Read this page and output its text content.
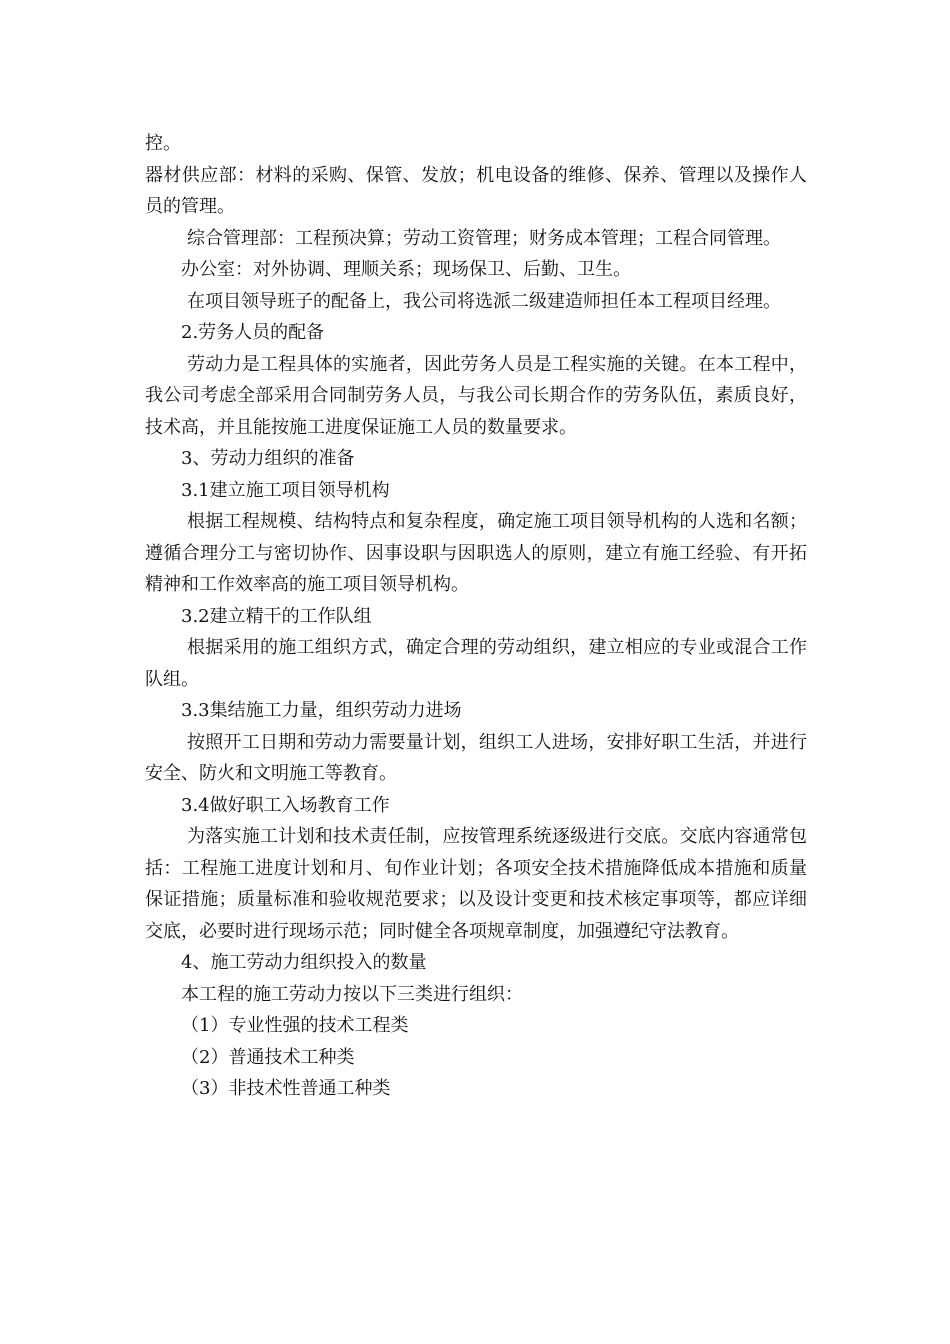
控。

器材供应部：材料的采购、保管、发放；机电设备的维修、保养、管理以及操作人员的管理。

综合管理部：工程预决算；劳动工资管理；财务成本管理；工程合同管理。

办公室：对外协调、理顺关系；现场保卫、后勤、卫生。

在项目领导班子的配备上，我公司将选派二级建造师担任本工程项目经理。

2.劳务人员的配备

劳动力是工程具体的实施者，因此劳务人员是工程实施的关键。在本工程中，我公司考虑全部采用合同制劳务人员，与我公司长期合作的劳务队伍，素质良好，技术高，并且能按施工进度保证施工人员的数量要求。

3、劳动力组织的准备

3.1建立施工项目领导机构

根据工程规模、结构特点和复杂程度，确定施工项目领导机构的人选和名额；遵循合理分工与密切协作、因事设职与因职选人的原则，建立有施工经验、有开拓精神和工作效率高的施工项目领导机构。

3.2建立精干的工作队组

根据采用的施工组织方式，确定合理的劳动组织，建立相应的专业或混合工作队组。

3.3集结施工力量，组织劳动力进场

按照开工日期和劳动力需要量计划，组织工人进场，安排好职工生活，并进行安全、防火和文明施工等教育。

3.4做好职工入场教育工作

为落实施工计划和技术责任制，应按管理系统逐级进行交底。交底内容通常包括：工程施工进度计划和月、旬作业计划；各项安全技术措施降低成本措施和质量保证措施；质量标准和验收规范要求；以及设计变更和技术核定事项等，都应详细交底，必要时进行现场示范；同时健全各项规章制度，加强遵纪守法教育。

4、施工劳动力组织投入的数量

本工程的施工劳动力按以下三类进行组织：

（1）专业性强的技术工程类

（2）普通技术工种类

（3）非技术性普通工种类
